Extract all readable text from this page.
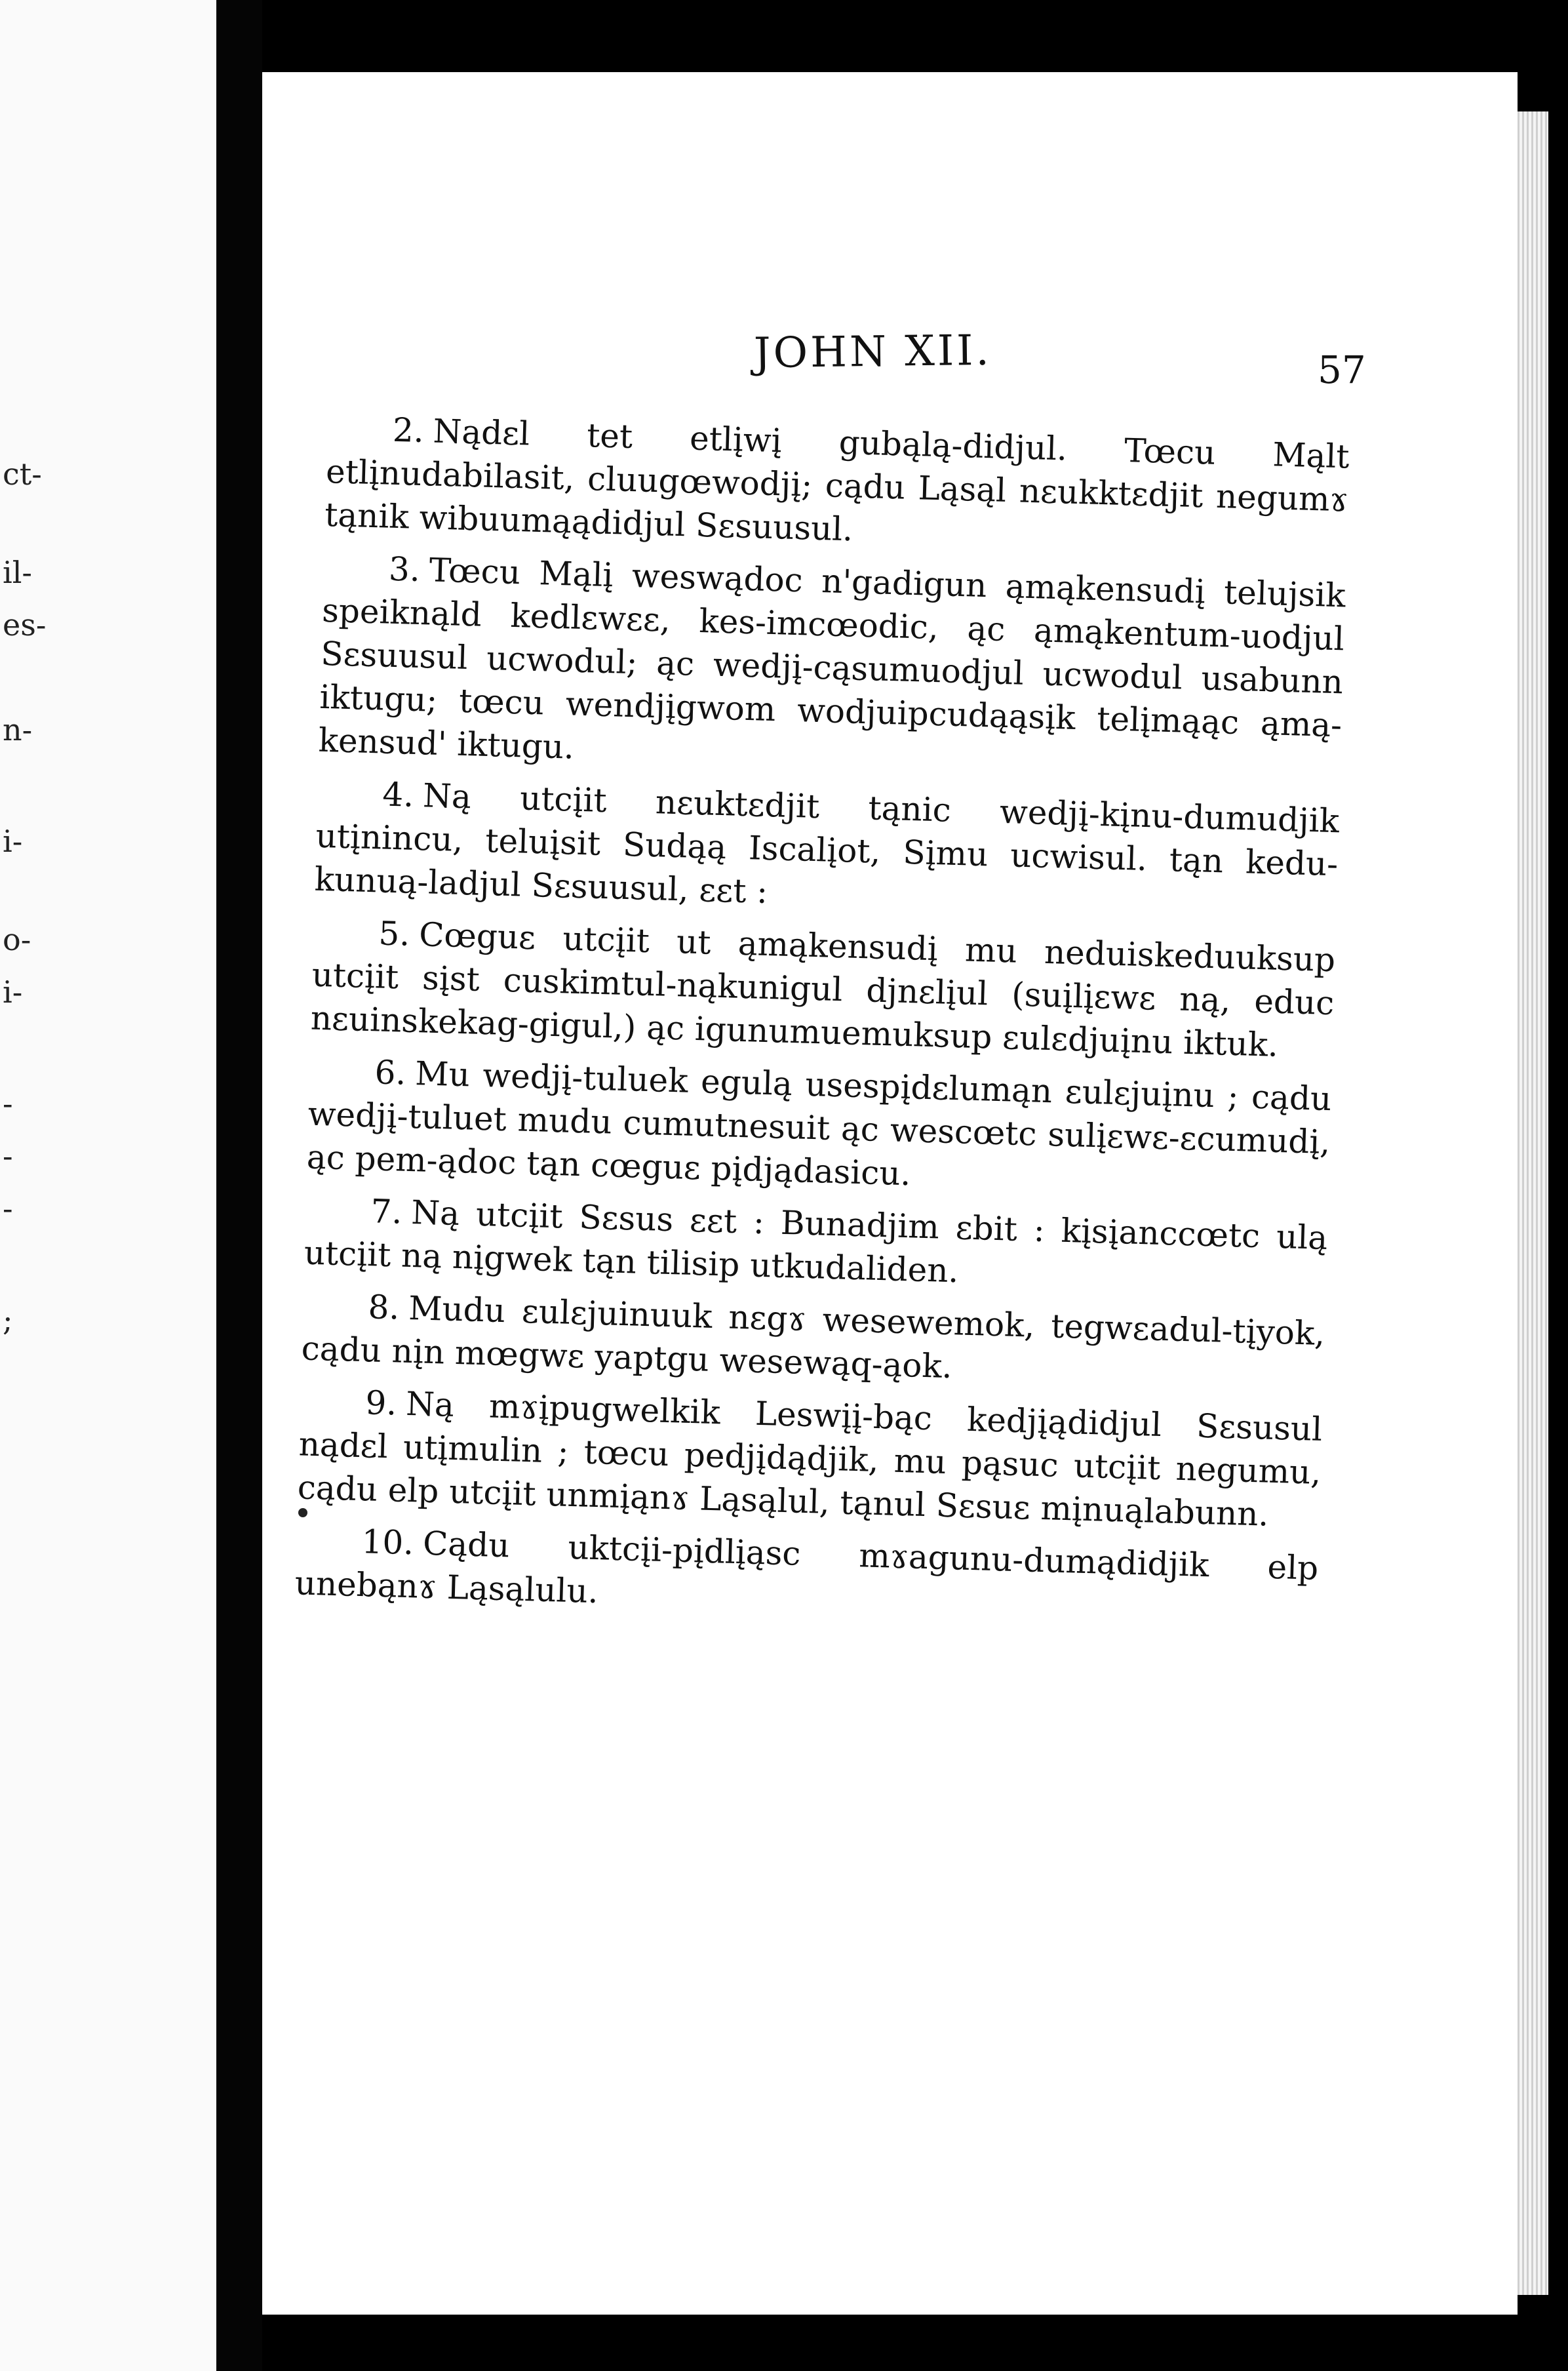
ct-
il-
es-
n-
i-
o-
i-
-
-
-
;
JOHN XII.	57

2. Nądɛl tet etlįwį gubąlą-didjul. Tœcu Mąlt etlįnudabilasit, cluugœwodjį; cądu Ląsąl nɛukktɛdjit negumɤ tąnik wibuumąądidjul Sɛsuusul.

3. Tœcu Mąlį weswądoc n'gadigun ąmąkensudį telujsik speiknąld kedlɛwɛɛ, kes-imcœodic, ąc ąmąkentum-uodjul Sɛsuusul ucwodul; ąc wedjį-cąsumuodjul ucwodul usabunn iktugu; tœcu wendjįgwom wodjuipcudąąsįk telįmąąc ąmą-kensud' iktugu.

4. Ną utcįit nɛuktɛdjit tąnic wedjį-kįnu-dumudjik utįnincu, teluįsit Sudąą Iscalįot, Sįmu ucwisul. tąn kedu-kunuą-ladjul Sɛsuusul, ɛɛt :

5. Cœguɛ utcįit ut ąmąkensudį mu neduiskeduuksup utcįit sįst cuskimtul-nąkunigul djnɛlįul (suįlįɛwɛ ną, educ nɛuinskekag-gigul,) ąc igunumuemuksup ɛulɛdjuįnu iktuk.

6. Mu wedjį-tuluek egulą usespįdɛlumąn ɛulɛjuįnu ; cądu wedjį-tuluet mudu cumutnesuit ąc wescœtc sulįɛwɛ-ɛcumudį, ąc pem-ądoc tąn cœguɛ pįdjądasicu.

7. Ną utcįit Sɛsus ɛɛt : Bunadjim ɛbit : kįsįanccœtc ulą utcįit ną nįgwek tąn tilisip utkudaliden.

8. Mudu ɛulɛjuinuuk nɛgɤ wesewemok, tegwɛadul-tįyok, cądu nįn mœgwɛ yaptgu wesewąq-ąok.

9. Ną mɤįpugwelkik Leswįį-bąc kedjįądidjul Sɛsusul nądɛl utįmulin ; tœcu pedjįdądjik, mu pąsuc utcįit negumu, cądu elp utcįit unmįąnɤ Ląsąlul, tąnul Sɛsuɛ mįnuąlabunn.

10. Cądu uktcįi-pįdlįąsc mɤagunu-dumądidjik elp unebąnɤ Ląsąlulu.
